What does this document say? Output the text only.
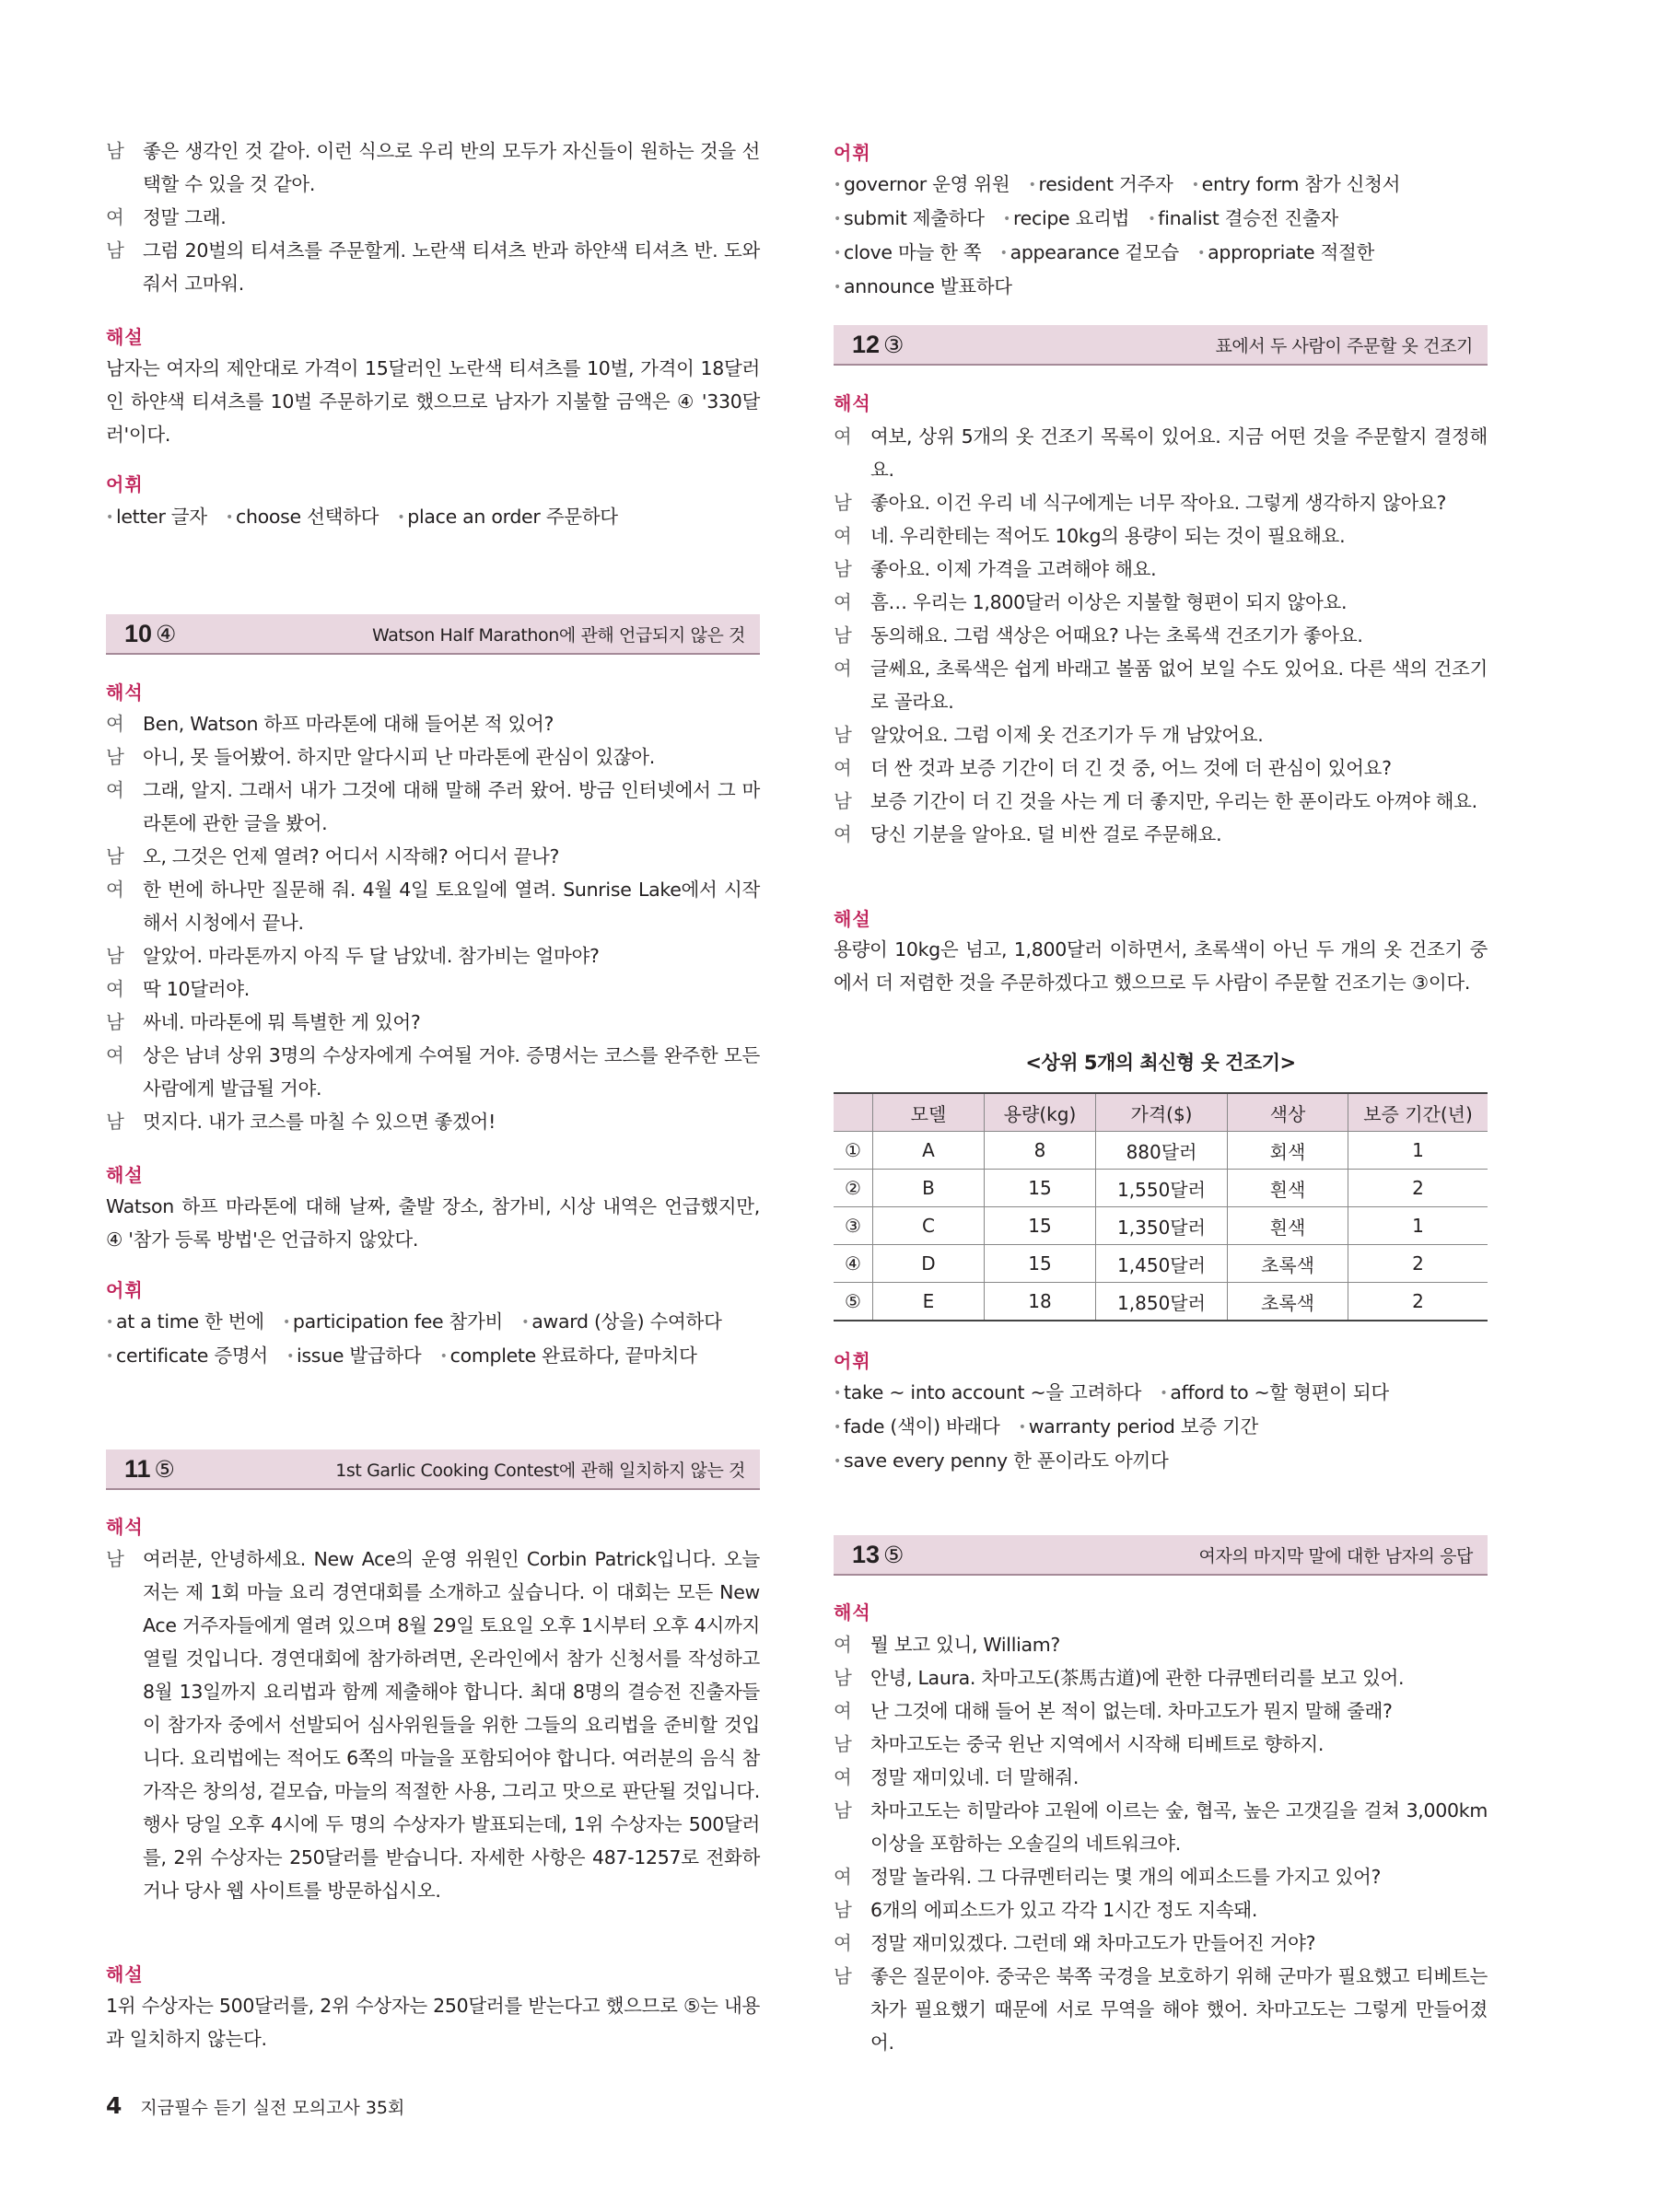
남 좋은 생각인 것 같아. 이런 식으로 우리 반의 모두가 자신들이 원하는 것을 선택할 수 있을 것 같아.
여 정말 그래.
남 그럼 20벌의 티셔츠를 주문할게. 노란색 티셔츠 반과 하얀색 티셔츠 반. 도와줘서 고마워.
해설
남자는 여자의 제안대로 가격이 15달러인 노란색 티셔츠를 10벌, 가격이 18달러인 하얀색 티셔츠를 10벌 주문하기로 했으므로 남자가 지불할 금액은 ④ '330달러'이다.
어휘
• letter 글자 • choose 선택하다 • place an order 주문하다
10 ④	Watson Half Marathon에 관해 언급되지 않은 것
해석
여 Ben, Watson 하프 마라톤에 대해 들어본 적 있어?
남 아니, 못 들어봤어. 하지만 알다시피 난 마라톤에 관심이 있잖아.
여 그래, 알지. 그래서 내가 그것에 대해 말해 주러 왔어. 방금 인터넷에서 그 마라톤에 관한 글을 봤어.
남 오, 그것은 언제 열려? 어디서 시작해? 어디서 끝나?
여 한 번에 하나만 질문해 줘. 4월 4일 토요일에 열려. Sunrise Lake에서 시작해서 시청에서 끝나.
남 알았어. 마라톤까지 아직 두 달 남았네. 참가비는 얼마야?
여 딱 10달러야.
남 싸네. 마라톤에 뭐 특별한 게 있어?
여 상은 남녀 상위 3명의 수상자에게 수여될 거야. 증명서는 코스를 완주한 모든 사람에게 발급될 거야.
남 멋지다. 내가 코스를 마칠 수 있으면 좋겠어!
해설
Watson 하프 마라톤에 대해 날짜, 출발 장소, 참가비, 시상 내역은 언급했지만, ④ '참가 등록 방법'은 언급하지 않았다.
어휘
• at a time 한 번에 • participation fee 참가비 • award (상을) 수여하다 • certificate 증명서 • issue 발급하다 • complete 완료하다, 끝마치다
11 ⑤	1st Garlic Cooking Contest에 관해 일치하지 않는 것
해석
남 여러분, 안녕하세요. New Ace의 운영 위원인 Corbin Patrick입니다. 오늘 저는 제 1회 마늘 요리 경연대회를 소개하고 싶습니다. 이 대회는 모든 New Ace 거주자들에게 열려 있으며 8월 29일 토요일 오후 1시부터 오후 4시까지 열릴 것입니다. 경연대회에 참가하려면, 온라인에서 참가 신청서를 작성하고 8월 13일까지 요리법과 함께 제출해야 합니다. 최대 8명의 결승전 진출자들이 참가자 중에서 선발되어 심사위원들을 위한 그들의 요리법을 준비할 것입니다. 요리법에는 적어도 6쪽의 마늘을 포함되어야 합니다. 여러분의 음식 참가작은 창의성, 겉모습, 마늘의 적절한 사용, 그리고 맛으로 판단될 것입니다. 행사 당일 오후 4시에 두 명의 수상자가 발표되는데, 1위 수상자는 500달러를, 2위 수상자는 250달러를 받습니다. 자세한 사항은 487-1257로 전화하거나 당사 웹 사이트를 방문하십시오.
해설
1위 수상자는 500달러를, 2위 수상자는 250달러를 받는다고 했으므로 ⑤는 내용과 일치하지 않는다.
어휘
• governor 운영 위원 • resident 거주자 • entry form 참가 신청서 • submit 제출하다 • recipe 요리법 • finalist 결승전 진출자 • clove 마늘 한 쪽 • appearance 겉모습 • appropriate 적절한 • announce 발표하다
12 ③	표에서 두 사람이 주문할 옷 건조기
해석
여 여보, 상위 5개의 옷 건조기 목록이 있어요. 지금 어떤 것을 주문할지 결정해요.
남 좋아요. 이건 우리 네 식구에게는 너무 작아요. 그렇게 생각하지 않아요?
여 네. 우리한테는 적어도 10kg의 용량이 되는 것이 필요해요.
남 좋아요. 이제 가격을 고려해야 해요.
여 흠… 우리는 1,800달러 이상은 지불할 형편이 되지 않아요.
남 동의해요. 그럼 색상은 어때요? 나는 초록색 건조기가 좋아요.
여 글쎄요, 초록색은 쉽게 바래고 볼품 없어 보일 수도 있어요. 다른 색의 건조기로 골라요.
남 알았어요. 그럼 이제 옷 건조기가 두 개 남았어요.
여 더 싼 것과 보증 기간이 더 긴 것 중, 어느 것에 더 관심이 있어요?
남 보증 기간이 더 긴 것을 사는 게 더 좋지만, 우리는 한 푼이라도 아껴야 해요.
여 당신 기분을 알아요. 덜 비싼 걸로 주문해요.
해설
용량이 10kg은 넘고, 1,800달러 이하면서, 초록색이 아닌 두 개의 옷 건조기 중에서 더 저렴한 것을 주문하겠다고 했으므로 두 사람이 주문할 건조기는 ③이다.
<상위 5개의 최신형 옷 건조기>
	모델	용량(kg)	가격($)	색상	보증 기간(년)
①	A	8	880달러	회색	1
②	B	15	1,550달러	흰색	2
③	C	15	1,350달러	흰색	1
④	D	15	1,450달러	초록색	2
⑤	E	18	1,850달러	초록색	2
어휘
• take ~ into account ~을 고려하다 • afford to ~할 형편이 되다 • fade (색이) 바래다 • warranty period 보증 기간 • save every penny 한 푼이라도 아끼다
13 ⑤	여자의 마지막 말에 대한 남자의 응답
해석
여 뭘 보고 있니, William?
남 안녕, Laura. 차마고도(茶馬古道)에 관한 다큐멘터리를 보고 있어.
여 난 그것에 대해 들어 본 적이 없는데. 차마고도가 뭔지 말해 줄래?
남 차마고도는 중국 윈난 지역에서 시작해 티베트로 향하지.
여 정말 재미있네. 더 말해줘.
남 차마고도는 히말라야 고원에 이르는 숲, 협곡, 높은 고갯길을 걸쳐 3,000km 이상을 포함하는 오솔길의 네트워크야.
여 정말 놀라워. 그 다큐멘터리는 몇 개의 에피소드를 가지고 있어?
남 6개의 에피소드가 있고 각각 1시간 정도 지속돼.
여 정말 재미있겠다. 그런데 왜 차마고도가 만들어진 거야?
남 좋은 질문이야. 중국은 북쪽 국경을 보호하기 위해 군마가 필요했고 티베트는 차가 필요했기 때문에 서로 무역을 해야 했어. 차마고도는 그렇게 만들어졌어.
4 지금필수 듣기 실전 모의고사 35회
